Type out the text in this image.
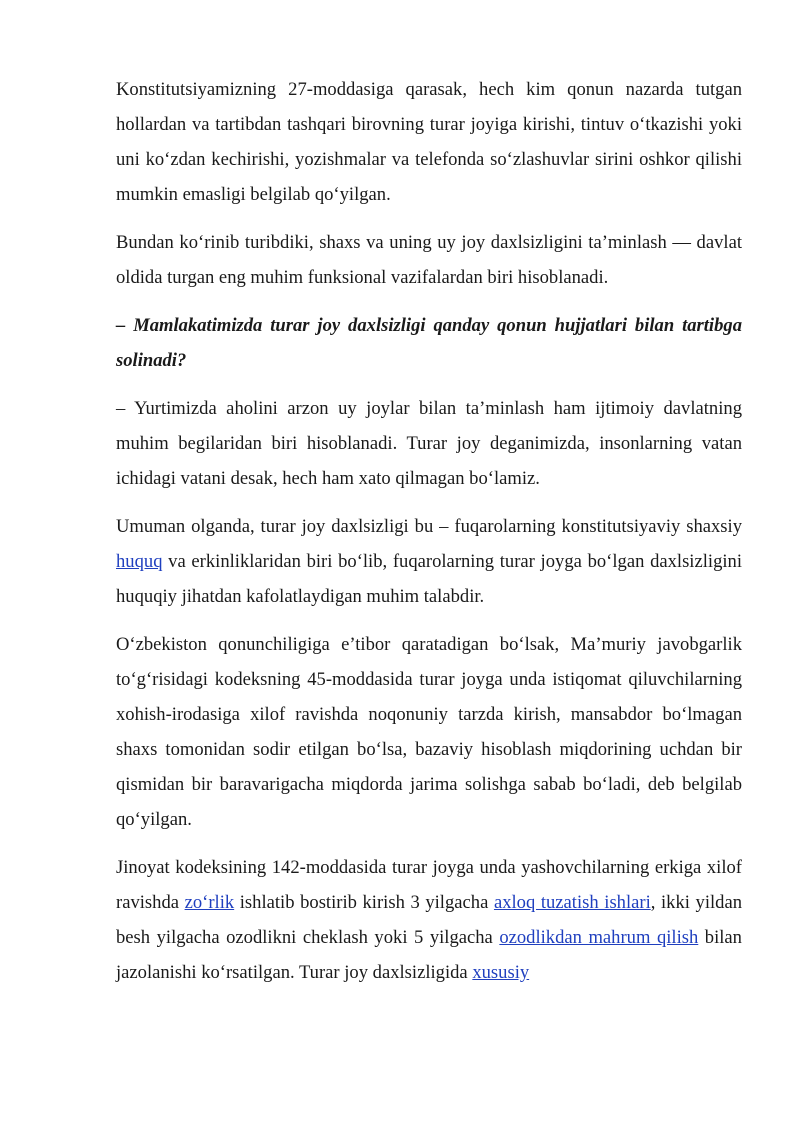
Konstitutsiyamizning 27-moddasiga qarasak, hech kim qonun nazarda tutgan hollardan va tartibdan tashqari birovning turar joyiga kirishi, tintuv o‘tkazishi yoki uni ko‘zdan kechirishi, yozishmalar va telefonda so‘zlashuvlar sirini oshkor qilishi mumkin emasligi belgilab qo‘yilgan.

Bundan ko‘rinib turibdiki, shaxs va uning uy joy daxlsizligini ta’minlash — davlat oldida turgan eng muhim funksional vazifalardan biri hisoblanadi.

– Mamlakatimizda turar joy daxlsizligi qanday qonun hujjatlari bilan tartibga solinadi?

– Yurtimizda aholini arzon uy joylar bilan ta’minlash ham ijtimoiy davlatning muhim begilaridan biri hisoblanadi. Turar joy deganimizda, insonlarning vatan ichidagi vatani desak, hech ham xato qilmagan bo‘lamiz.

Umuman olganda, turar joy daxlsizligi bu – fuqarolarning konstitutsiyaviy shaxsiy huquq va erkinliklaridan biri bo‘lib, fuqarolarning turar joyga bo‘lgan daxlsizligini huquqiy jihatdan kafolatlaydigan muhim talabdir.

O‘zbekiston qonunchiligiga e’tibor qaratadigan bo‘lsak, Ma’muriy javobgarlik to‘g‘risidagi kodeksning 45-moddasida turar joyga unda istiqomat qiluvchilarning xohish-irodasiga xilof ravishda noqonuniy tarzda kirish, mansabdor bo‘lmagan shaxs tomonidan sodir etilgan bo‘lsa, bazaviy hisoblash miqdorining uchdan bir qismidan bir baravarigacha miqdorda jarima solishga sabab bo‘ladi, deb belgilab qo‘yilgan.

Jinoyat kodeksining 142-moddasida turar joyga unda yashovchilarning erkiga xilof ravishda zo‘rlik ishlatib bostirib kirish 3 yilgacha axloq tuzatish ishlari, ikki yildan besh yilgacha ozodlikni cheklash yoki 5 yilgacha ozodlikdan mahrum qilish bilan jazolanishi ko‘rsatilgan. Turar joy daxlsizligida xususiy
